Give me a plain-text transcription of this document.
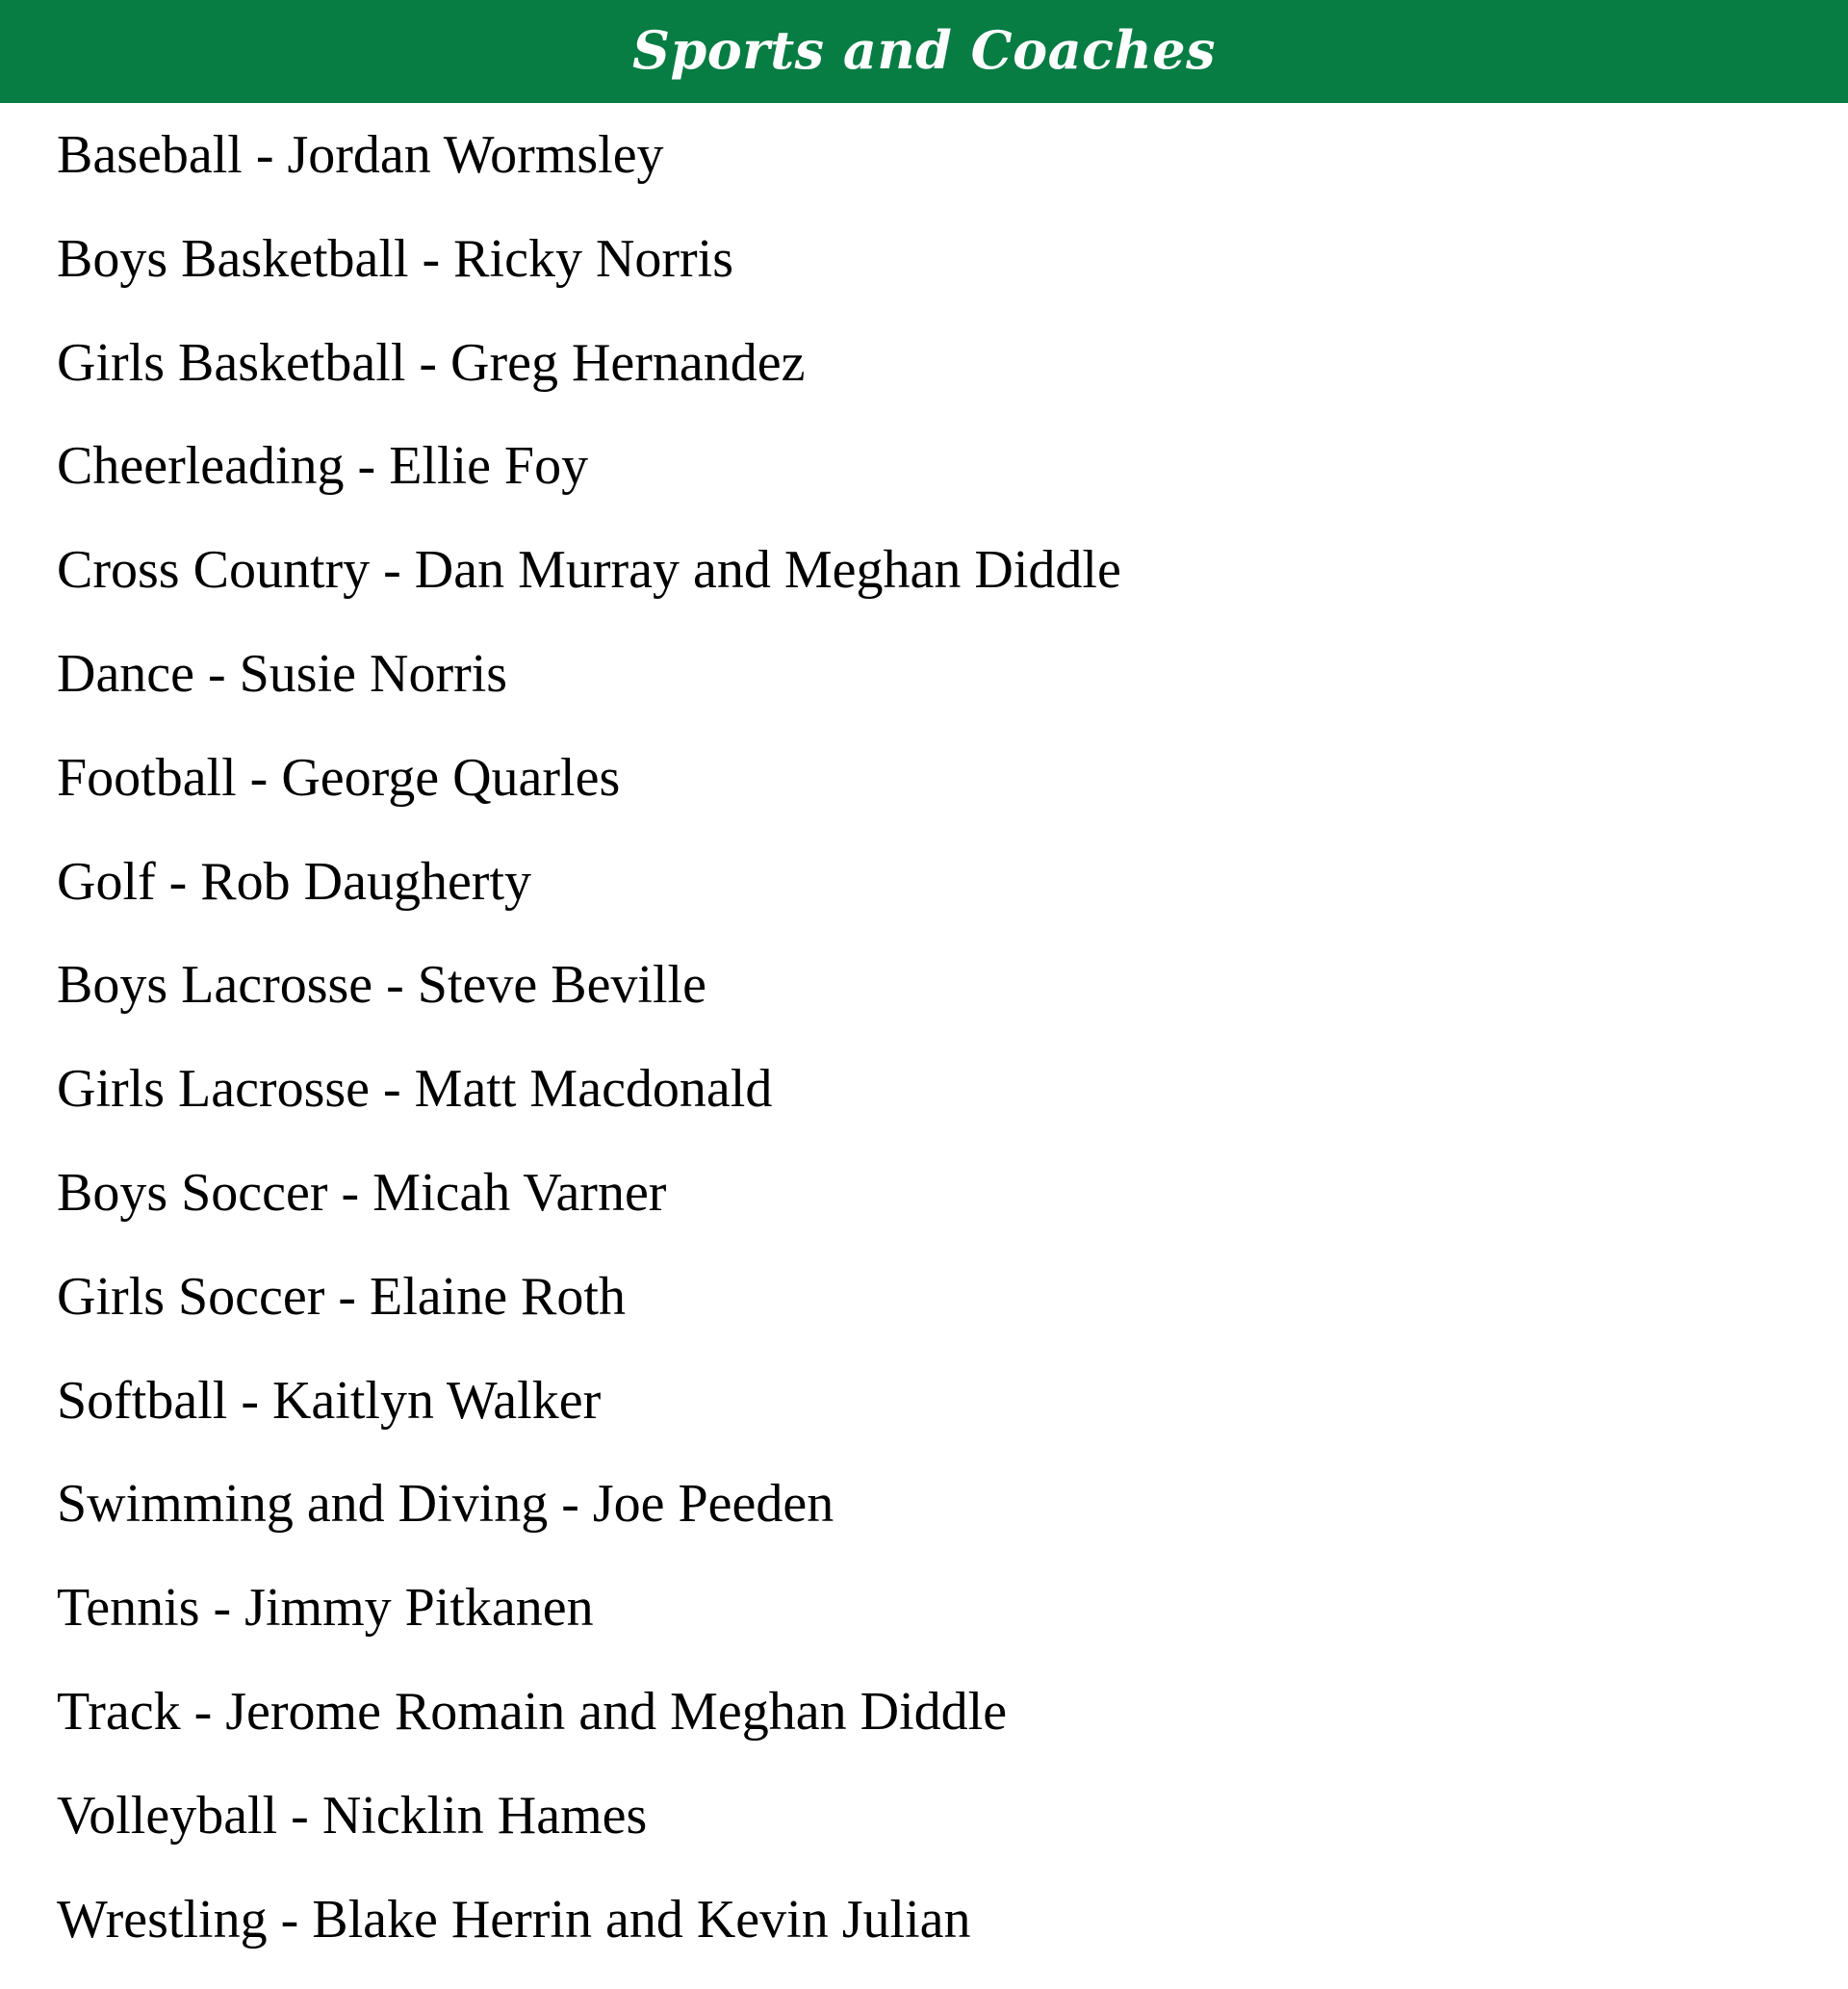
Sports and Coaches
Baseball - Jordan Wormsley
Boys Basketball - Ricky Norris
Girls Basketball - Greg Hernandez
Cheerleading - Ellie Foy
Cross Country - Dan Murray and Meghan Diddle
Dance - Susie Norris
Football - George Quarles
Golf - Rob Daugherty
Boys Lacrosse - Steve Beville
Girls Lacrosse - Matt Macdonald
Boys Soccer - Micah Varner
Girls Soccer - Elaine Roth
Softball - Kaitlyn Walker
Swimming and Diving - Joe Peeden
Tennis - Jimmy Pitkanen
Track - Jerome Romain and Meghan Diddle
Volleyball - Nicklin Hames
Wrestling - Blake Herrin and Kevin Julian
